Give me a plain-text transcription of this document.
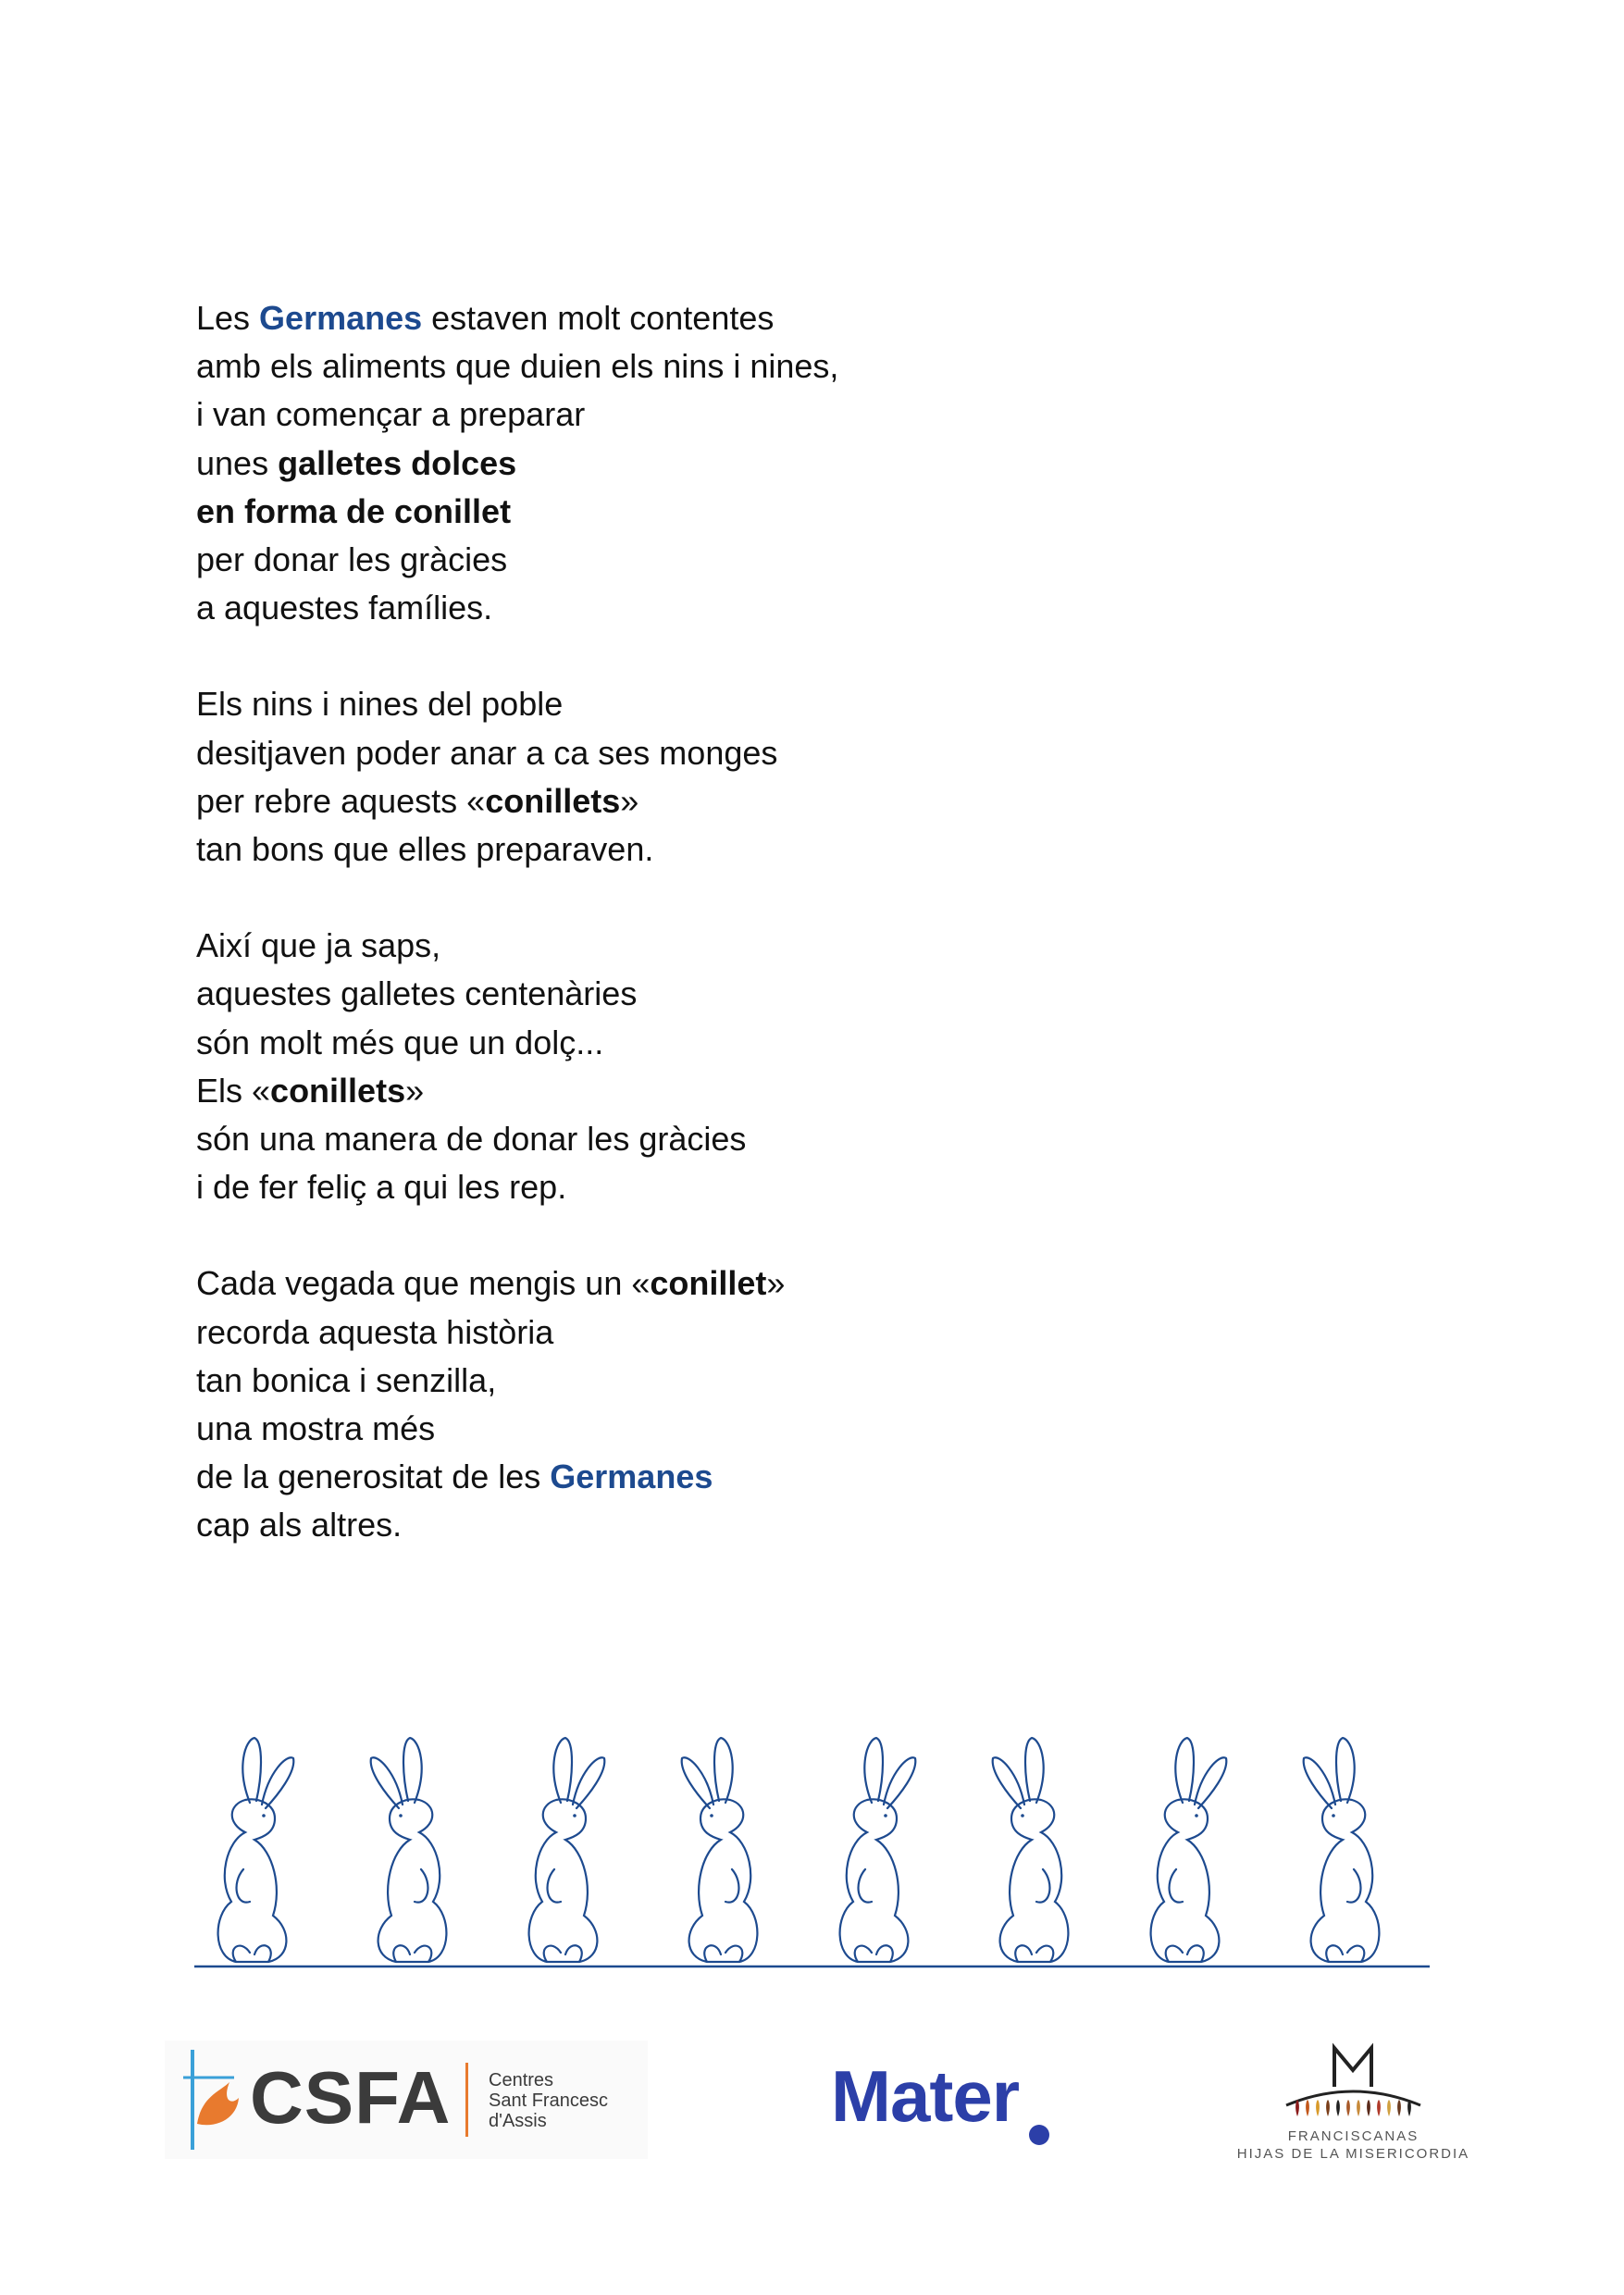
Les Germanes estaven molt contentes
amb els aliments que duien els nins i nines,
i van començar a preparar
unes galletes dolces
en forma de conillet
per donar les gràcies
a aquestes famílies.
Els nins i nines del poble
desitjaven poder anar a ca ses monges
per rebre aquests «conillets»
tan bons que elles preparaven.
Així que ja saps,
aquestes galletes centenàries
són molt més que un dolç...
Els «conillets»
són una manera de donar les gràcies
i de fer feliç a qui les rep.
Cada vegada que mengis un «conillet»
recorda aquesta història
tan bonica i senzilla,
una mostra més
de la generositat de les Germanes
cap als altres.
CSFA Centres
Sant Francesc
d'Assis	Mater	FRANCISCANAS
HIJAS DE LA MISERICORDIA
